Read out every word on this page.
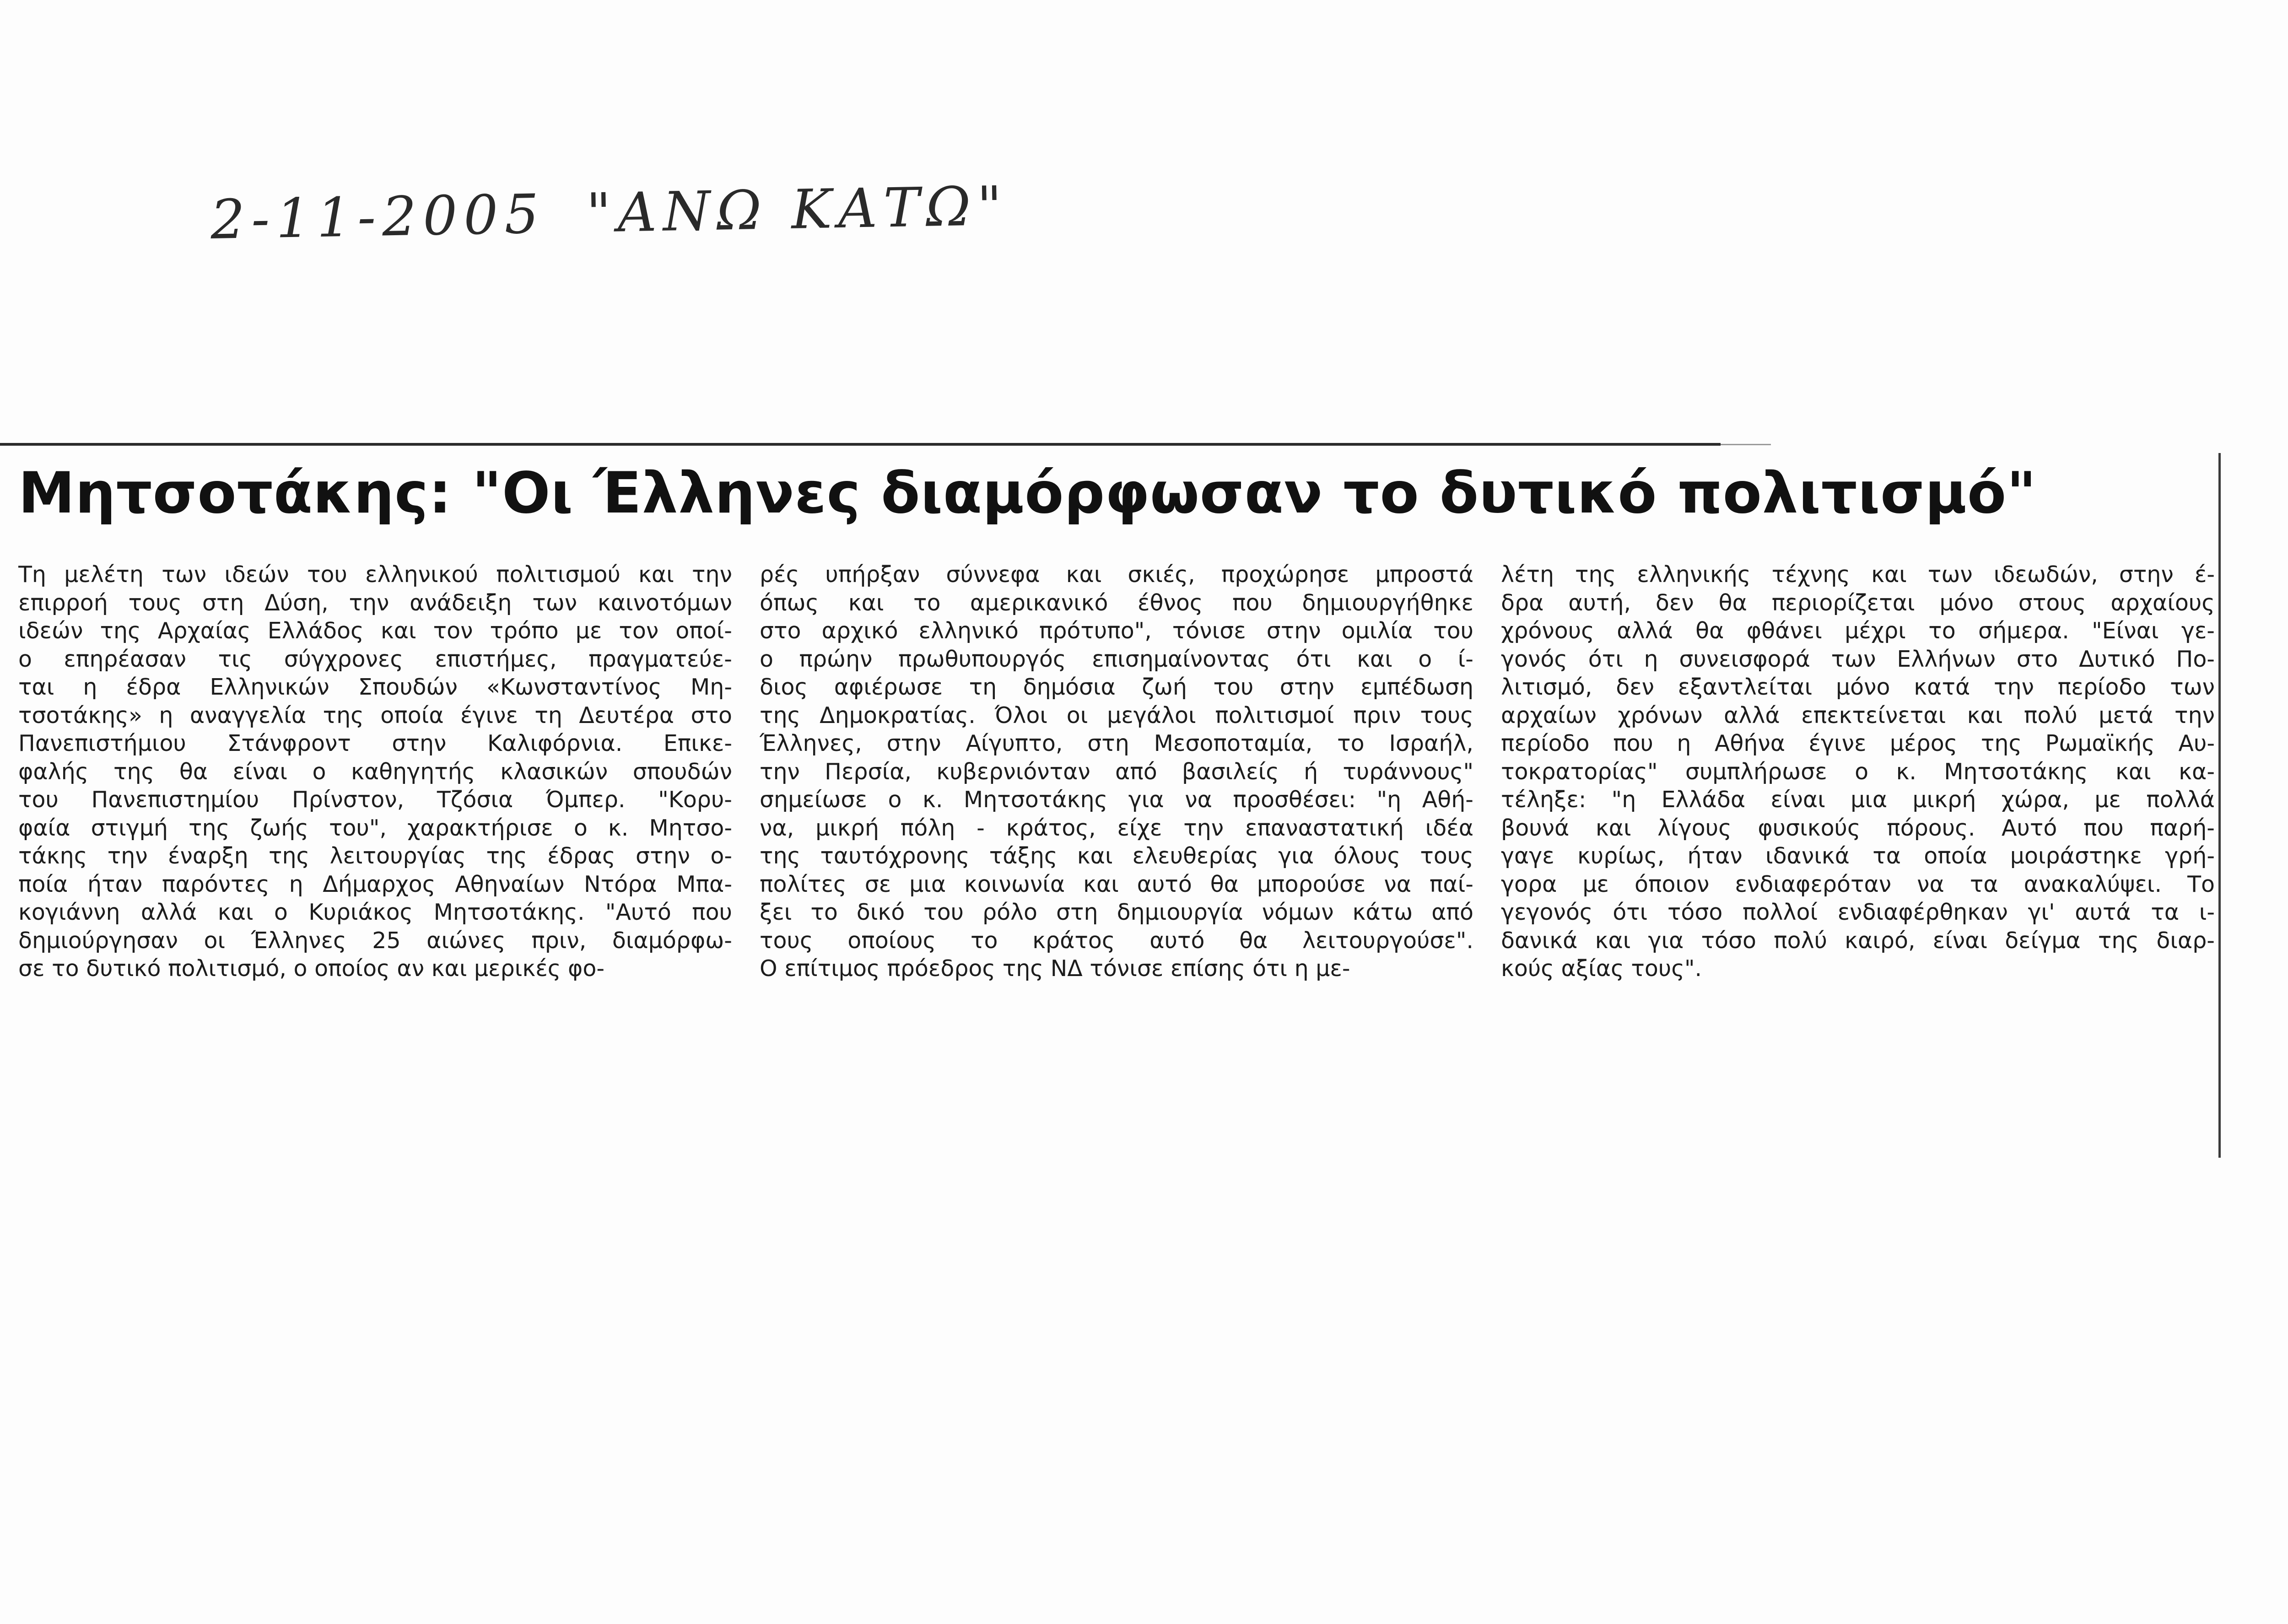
2-11-2005 "ΑΝΩ ΚΑΤΩ"
Μητσοτάκης: "Οι Έλληνες διαμόρφωσαν το δυτικό πολιτισμό"
Τη μελέτη των ιδεών του ελληνικού πολιτισμού και την
επιρροή τους στη Δύση, την ανάδειξη των καινοτόμων
ιδεών της Αρχαίας Ελλάδος και τον τρόπο με τον οποί-
ο επηρέασαν τις σύγχρονες επιστήμες, πραγματεύε-
ται η έδρα Ελληνικών Σπουδών «Κωνσταντίνος Μη-
τσοτάκης» η αναγγελία της οποία έγινε τη Δευτέρα στο
Πανεπιστήμιου Στάνφροντ στην Καλιφόρνια. Επικε-
φαλής της θα είναι ο καθηγητής κλασικών σπουδών
του Πανεπιστημίου Πρίνστον, Τζόσια Όμπερ. "Κορυ-
φαία στιγμή της ζωής του", χαρακτήρισε ο κ. Μητσο-
τάκης την έναρξη της λειτουργίας της έδρας στην ο-
ποία ήταν παρόντες η Δήμαρχος Αθηναίων Ντόρα Μπα-
κογιάννη αλλά και ο Κυριάκος Μητσοτάκης. "Αυτό που
δημιούργησαν οι Έλληνες 25 αιώνες πριν, διαμόρφω-
σε το δυτικό πολιτισμό, ο οποίος αν και μερικές φο-
ρές υπήρξαν σύννεφα και σκιές, προχώρησε μπροστά
όπως και το αμερικανικό έθνος που δημιουργήθηκε
στο αρχικό ελληνικό πρότυπο", τόνισε στην ομιλία του
ο πρώην πρωθυπουργός επισημαίνοντας ότι και ο ί-
διος αφιέρωσε τη δημόσια ζωή του στην εμπέδωση
της Δημοκρατίας. Όλοι οι μεγάλοι πολιτισμοί πριν τους
Έλληνες, στην Αίγυπτο, στη Μεσοποταμία, το Ισραήλ,
την Περσία, κυβερνιόνταν από βασιλείς ή τυράννους"
σημείωσε ο κ. Μητσοτάκης για να προσθέσει: "η Αθή-
να, μικρή πόλη - κράτος, είχε την επαναστατική ιδέα
της ταυτόχρονης τάξης και ελευθερίας για όλους τους
πολίτες σε μια κοινωνία και αυτό θα μπορούσε να παί-
ξει το δικό του ρόλο στη δημιουργία νόμων κάτω από
τους οποίους το κράτος αυτό θα λειτουργούσε".
Ο επίτιμος πρόεδρος της ΝΔ τόνισε επίσης ότι η με-
λέτη της ελληνικής τέχνης και των ιδεωδών, στην έ-
δρα αυτή, δεν θα περιορίζεται μόνο στους αρχαίους
χρόνους αλλά θα φθάνει μέχρι το σήμερα. "Είναι γε-
γονός ότι η συνεισφορά των Ελλήνων στο Δυτικό Πο-
λιτισμό, δεν εξαντλείται μόνο κατά την περίοδο των
αρχαίων χρόνων αλλά επεκτείνεται και πολύ μετά την
περίοδο που η Αθήνα έγινε μέρος της Ρωμαϊκής Αυ-
τοκρατορίας" συμπλήρωσε ο κ. Μητσοτάκης και κα-
τέληξε: "η Ελλάδα είναι μια μικρή χώρα, με πολλά
βουνά και λίγους φυσικούς πόρους. Αυτό που παρή-
γαγε κυρίως, ήταν ιδανικά τα οποία μοιράστηκε γρή-
γορα με όποιον ενδιαφερόταν να τα ανακαλύψει. Το
γεγονός ότι τόσο πολλοί ενδιαφέρθηκαν γι' αυτά τα ι-
δανικά και για τόσο πολύ καιρό, είναι δείγμα της διαρ-
κούς αξίας τους".
